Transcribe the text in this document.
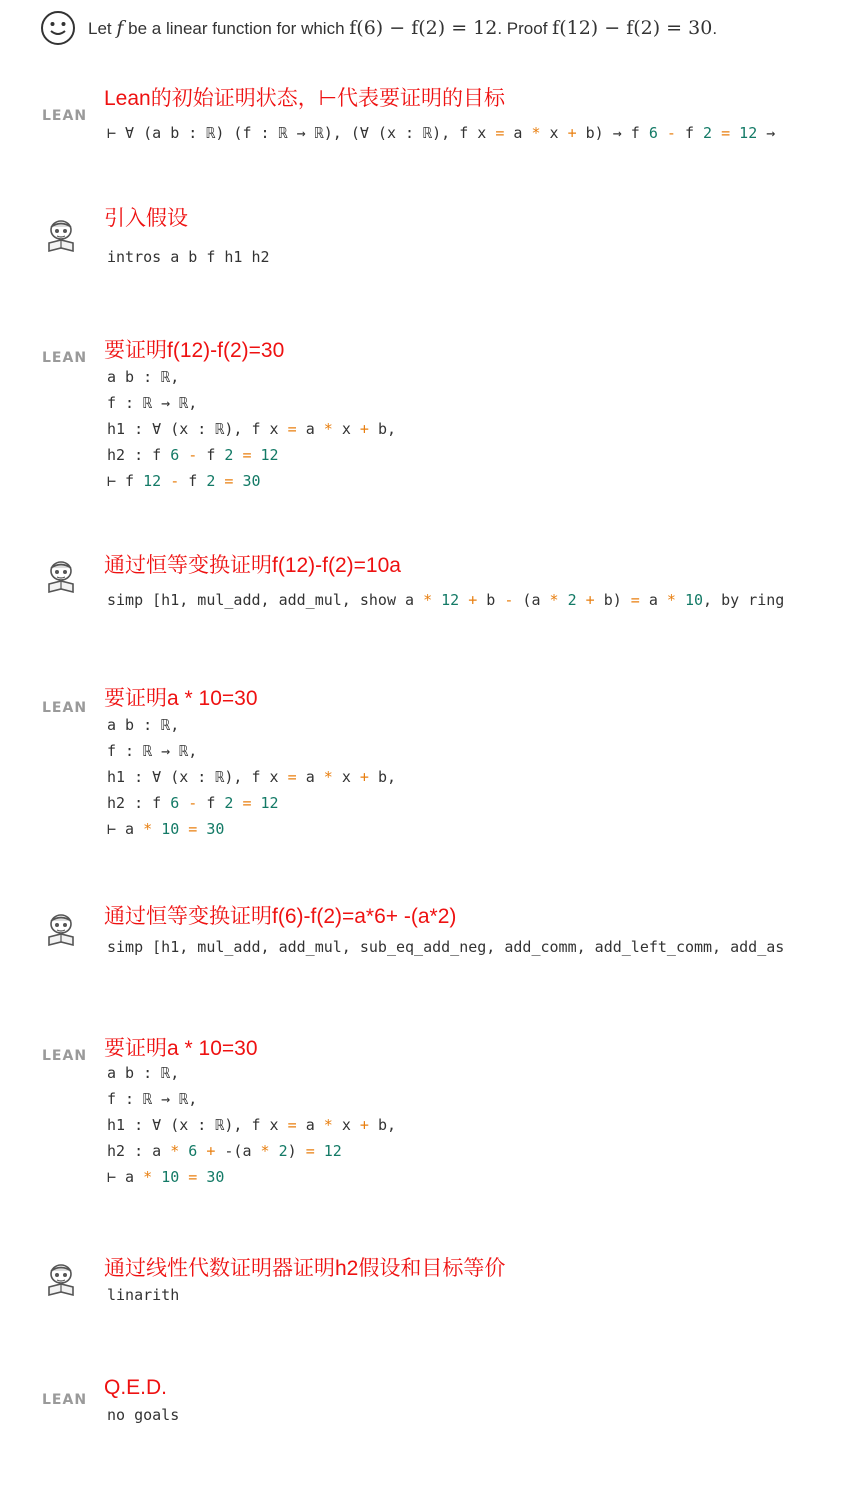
Let f be a linear function for which f(6) − f(2) = 12. Proof f(12) − f(2) = 30.
LEAN
Lean的初始证明状态，⊢代表要证明的目标
⊢ ∀ (a b : ℝ) (f : ℝ → ℝ), (∀ (x : ℝ), f x = a * x + b) → f 6 - f 2 = 12 →
引入假设
intros a b f h1 h2
LEAN 要证明f(12)-f(2)=30
a b : ℝ,
f : ℝ → ℝ,
h1 : ∀ (x : ℝ), f x = a * x + b,
h2 : f 6 - f 2 = 12
⊢ f 12 - f 2 = 30
通过恒等变换证明f(12)-f(2)=10a
simp [h1, mul_add, add_mul, show a * 12 + b - (a * 2 + b) = a * 10, by ring
LEAN 要证明a * 10=30
a b : ℝ,
f : ℝ → ℝ,
h1 : ∀ (x : ℝ), f x = a * x + b,
h2 : f 6 - f 2 = 12
⊢ a * 10 = 30
通过恒等变换证明f(6)-f(2)=a*6+ -(a*2)
simp [h1, mul_add, add_mul, sub_eq_add_neg, add_comm, add_left_comm, add_as
LEAN 要证明a * 10=30
a b : ℝ,
f : ℝ → ℝ,
h1 : ∀ (x : ℝ), f x = a * x + b,
h2 : a * 6 + -(a * 2) = 12
⊢ a * 10 = 30
通过线性代数证明器证明h2假设和目标等价
linarith
LEAN
Q.E.D.
no goals
